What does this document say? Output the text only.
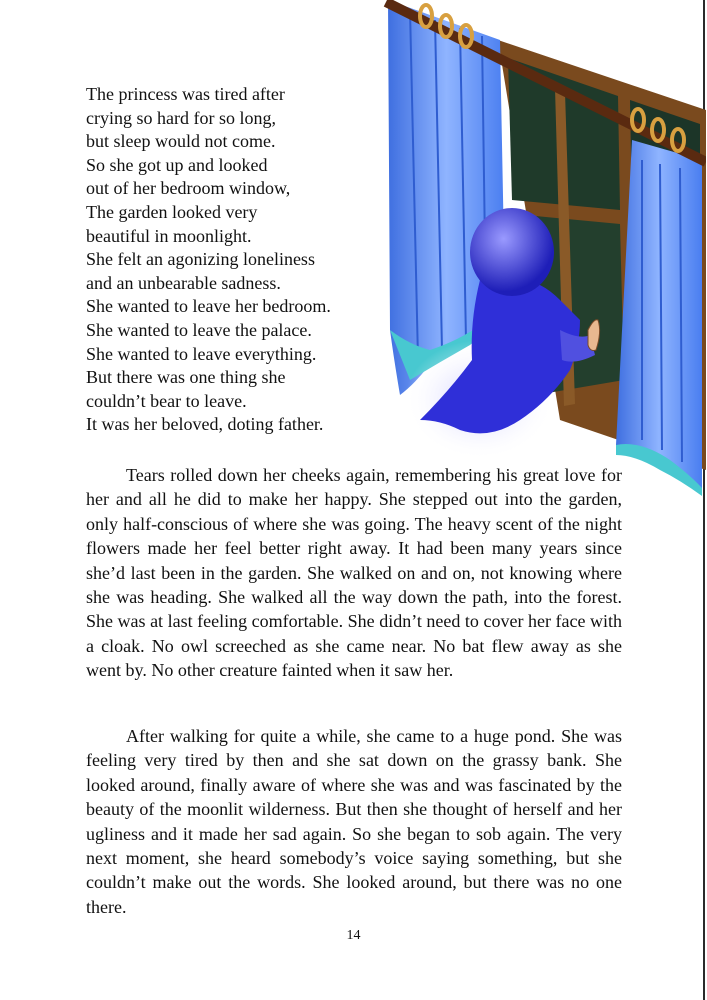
The princess was tired after
crying so hard for so long,
but sleep would not come.
So she got up and looked
out of her bedroom window,
The garden looked very
beautiful in moonlight.
She felt an agonizing loneliness
and an unbearable sadness.
She wanted to leave her bedroom.
She wanted to leave the palace.
She wanted to leave everything.
But there was one thing she
couldn’t bear to leave.
It was her beloved, doting father.

Tears rolled down her cheeks again, remembering his great love for her and all he did to make her happy. She stepped out into the garden, only half-conscious of where she was going. The heavy scent of the night flowers made her feel better right away. It had been many years since she’d last been in the garden. She walked on and on, not knowing where she was heading. She walked all the way down the path, into the forest. She was at last feeling comfortable. She didn’t need to cover her face with a cloak. No owl screeched as she came near. No bat flew away as she went by. No other creature fainted when it saw her.

After walking for quite a while, she came to a huge pond. She was feeling very tired by then and she sat down on the grassy bank. She looked around, finally aware of where she was and was fascinated by the beauty of the moonlit wilderness. But then she thought of herself and her ugliness and it made her sad again. So she began to sob again. The very next moment, she heard somebody’s voice saying something, but she couldn’t make out the words. She looked around, but there was no one there.

14
